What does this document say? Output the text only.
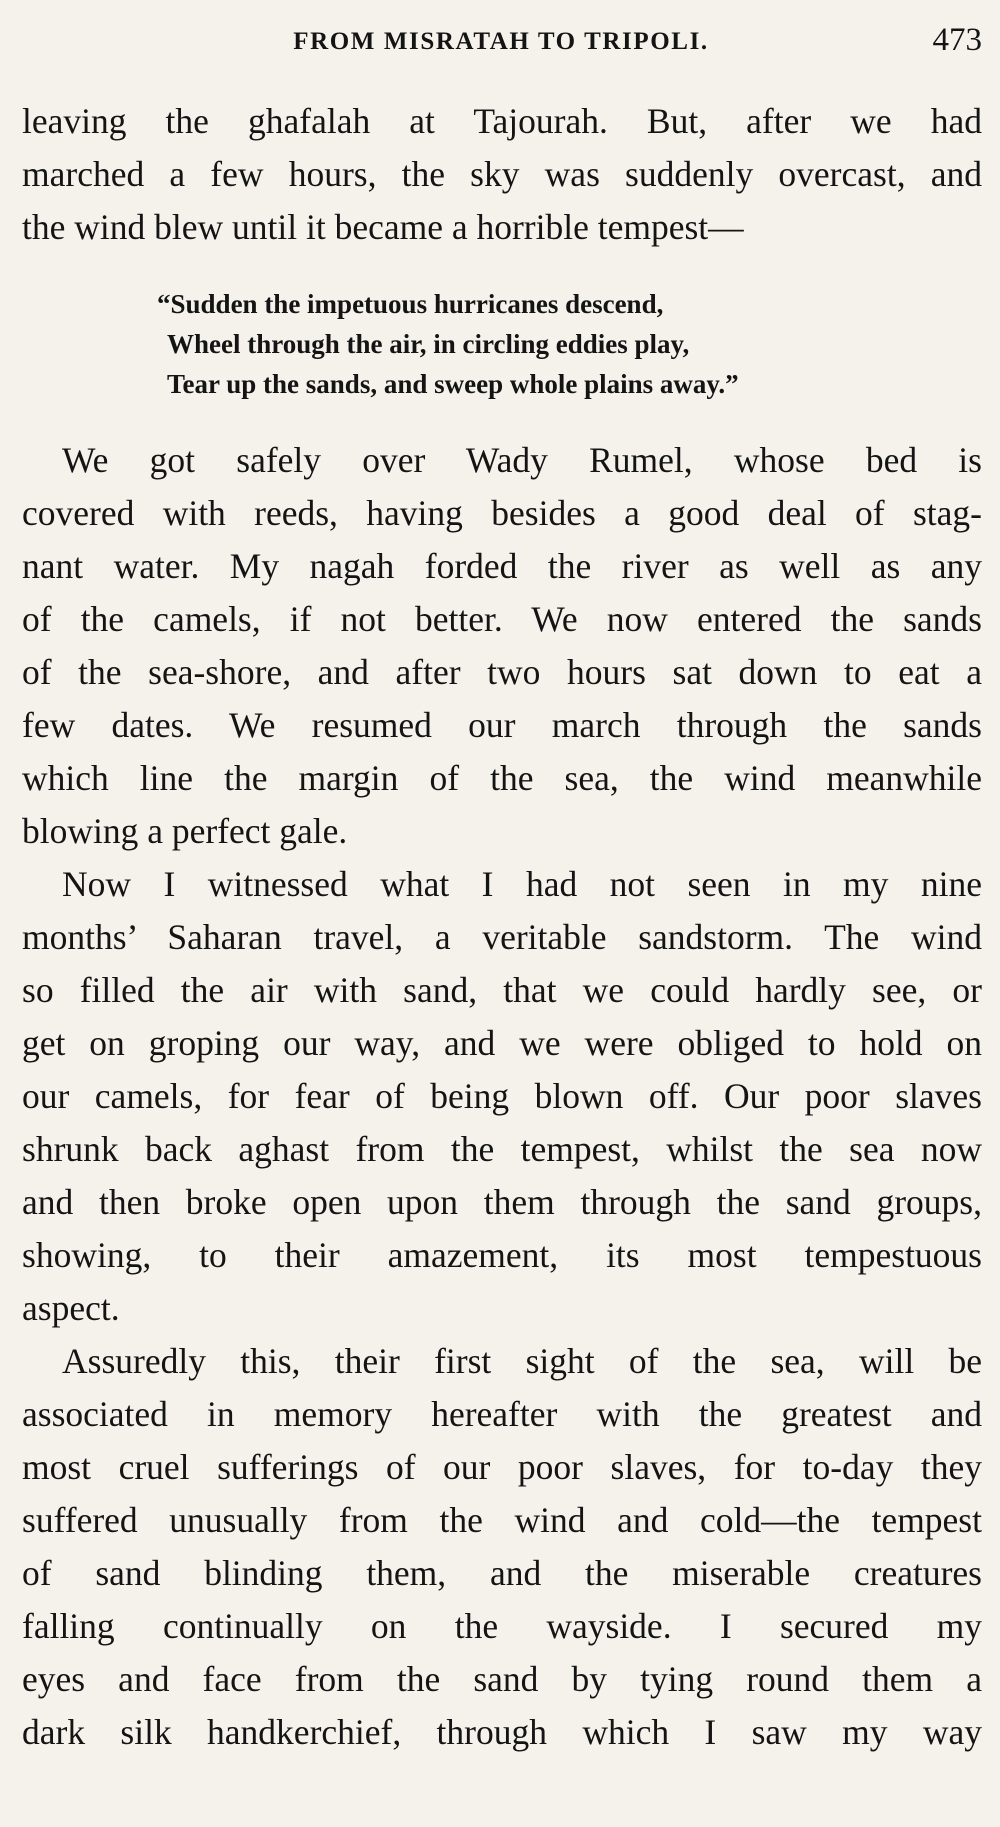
FROM MISRATAH TO TRIPOLI.	473

leaving the ghafalah at Tajourah. But, after we had
marched a few hours, the sky was suddenly overcast, and
the wind blew until it became a horrible tempest—

“Sudden the impetuous hurricanes descend,
Wheel through the air, in circling eddies play,
Tear up the sands, and sweep whole plains away.”

We got safely over Wady Rumel, whose bed is
covered with reeds, having besides a good deal of stag-
nant water. My nagah forded the river as well as any
of the camels, if not better. We now entered the sands
of the sea-shore, and after two hours sat down to eat a
few dates. We resumed our march through the sands
which line the margin of the sea, the wind meanwhile
blowing a perfect gale.

Now I witnessed what I had not seen in my nine
months’ Saharan travel, a veritable sandstorm. The wind
so filled the air with sand, that we could hardly see, or
get on groping our way, and we were obliged to hold on
our camels, for fear of being blown off. Our poor slaves
shrunk back aghast from the tempest, whilst the sea now
and then broke open upon them through the sand groups,
showing, to their amazement, its most tempestuous
aspect.

Assuredly this, their first sight of the sea, will be
associated in memory hereafter with the greatest and
most cruel sufferings of our poor slaves, for to-day they
suffered unusually from the wind and cold—the tempest
of sand blinding them, and the miserable creatures
falling continually on the wayside. I secured my
eyes and face from the sand by tying round them a
dark silk handkerchief, through which I saw my way
